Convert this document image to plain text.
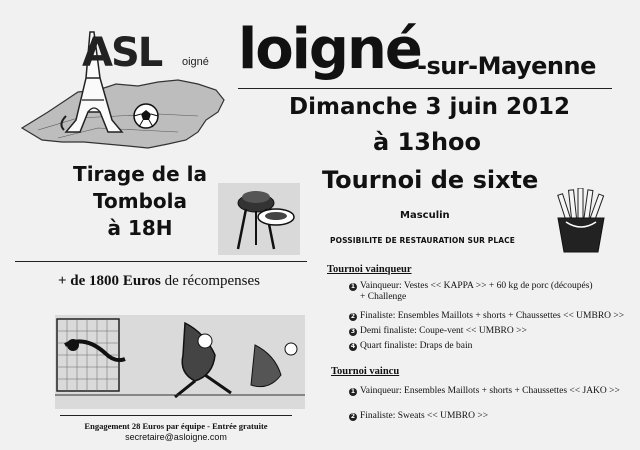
ASL oigné loigné
-sur-Mayenne
Dimanche 3 juin 2012
à 13hoo
Tirage de la
Tombola
à 18H
Tournoi de sixte
Masculin
POSSIBILITE DE RESTAURATION SUR PLACE
+ de 1800 Euros de récompenses
Engagement 28 Euros par équipe - Entrée gratuite
secretaire@asloigne.com
Tournoi vainqueur
1 Vainqueur: Vestes << KAPPA >> + 60 kg de porc (découpés)
+ Challenge
2 Finaliste: Ensembles Maillots + shorts + Chaussettes << UMBRO >>
3 Demi finaliste: Coupe-vent << UMBRO >>
4 Quart finaliste: Draps de bain
Tournoi vaincu
1 Vainqueur: Ensembles Maillots + shorts + Chaussettes << JAKO >>
2 Finaliste: Sweats << UMBRO >>
